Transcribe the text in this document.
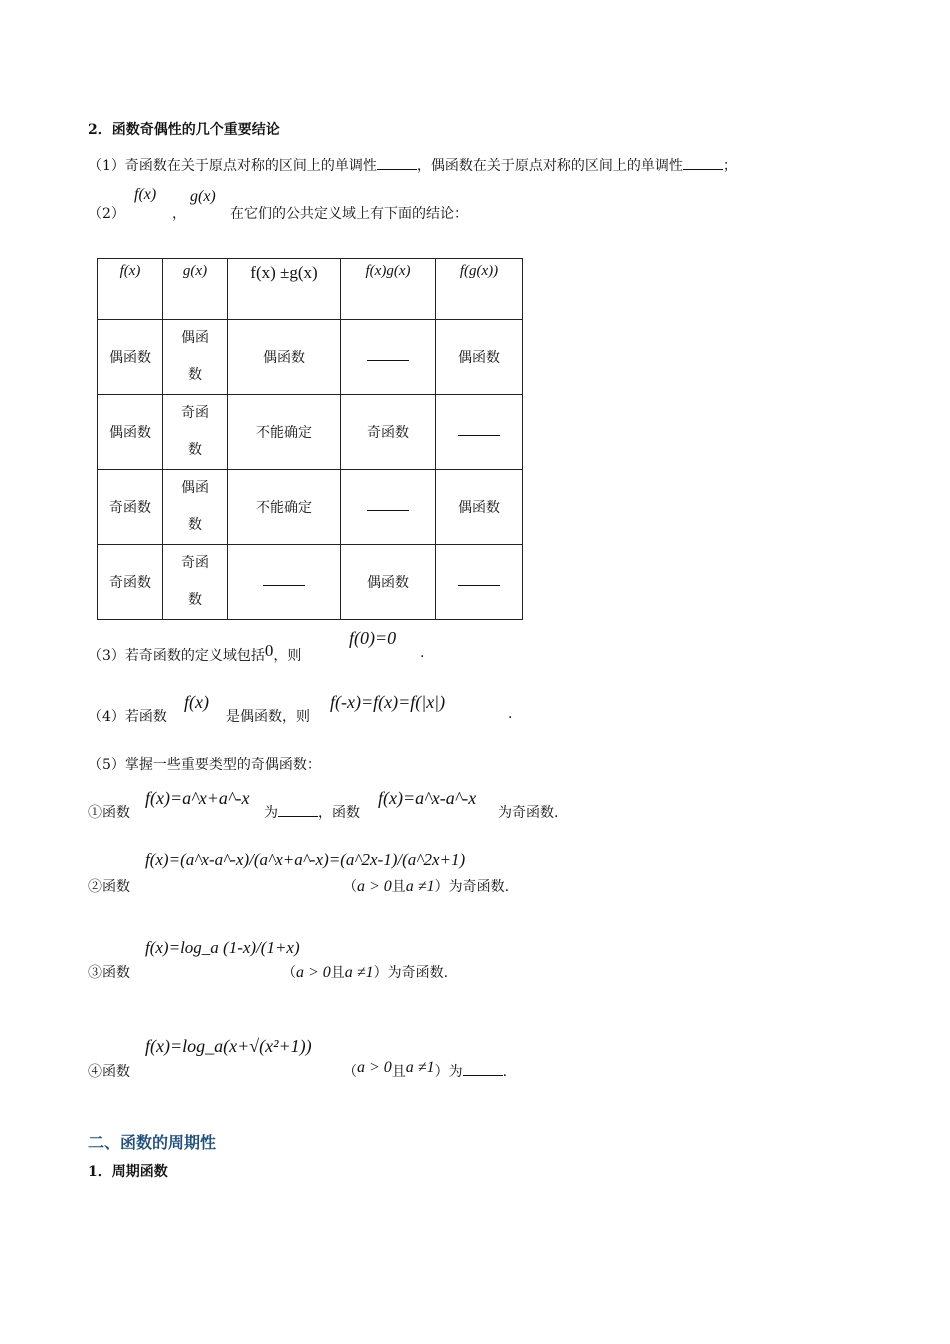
2．函数奇偶性的几个重要结论
（1）奇函数在关于原点对称的区间上的单调性	，偶函数在关于原点对称的区间上的单调性	；
（2）
f(x)
，
g(x)
在它们的公共定义域上有下面的结论：
f(x)	g(x)	f(x) ±g(x)	f(x)g(x)	f(g(x))
偶函数	偶函数	偶函数		偶函数
偶函数	奇函数	不能确定	奇函数	
奇函数	偶函数	不能确定		偶函数
奇函数	奇函数		偶函数	
（3）若奇函数的定义域包括0，则
f(0)=0
.
（4）若函数
f(x)
是偶函数，则
f(-x)=f(x)=f(|x|)
.
（5）掌握一些重要类型的奇偶函数：
①函数
f(x)=a^x+a^-x
为	，函数
f(x)=a^x-a^-x
为奇函数.
②函数
f(x)=(a^x-a^-x)/(a^x+a^-x)=(a^2x-1)/(a^2x+1)
（a > 0且a ≠1）为奇函数.
③函数
f(x)=log_a (1-x)/(1+x)
（a > 0且a ≠1）为奇函数.
④函数
f(x)=log_a(x+√(x²+1))
（a > 0且a ≠1）为	.
二、函数的周期性
1．周期函数
